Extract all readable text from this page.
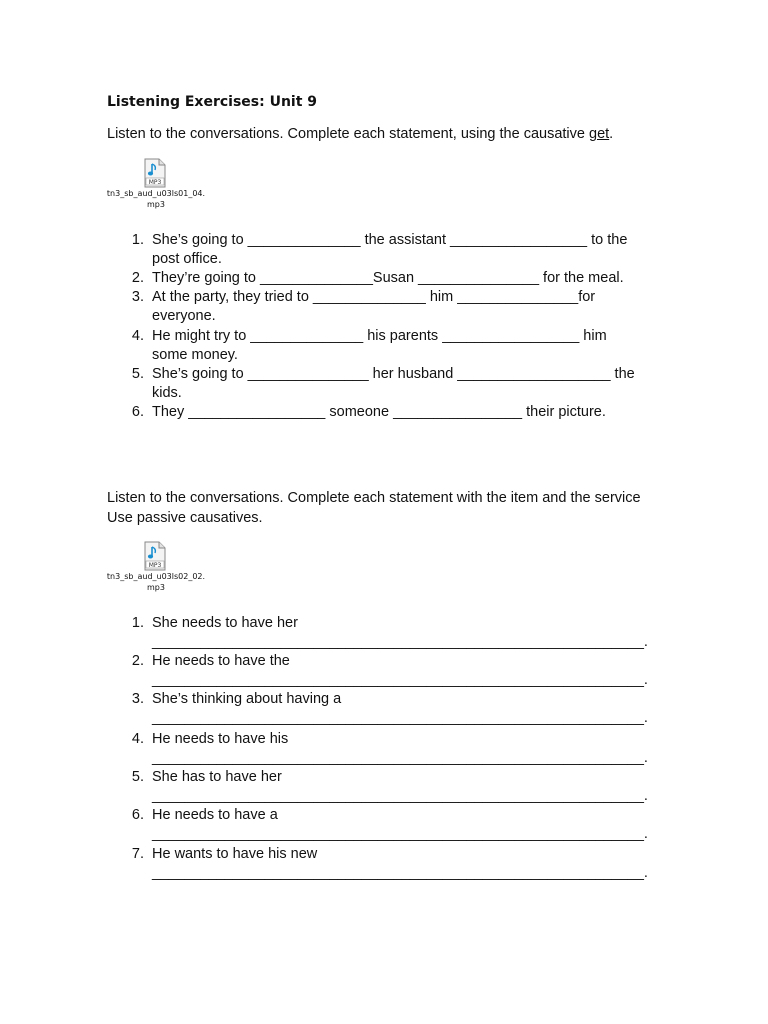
Listening Exercises: Unit 9
Listen to the conversations. Complete each statement, using the causative get.
MP3
tn3_sb_aud_u03ls01_04.mp3
1. She’s going to ______________ the assistant _________________ to the
post office.
2. They’re going to ______________Susan _______________ for the meal.
3. At the party, they tried to ______________ him _______________for
everyone.
4. He might try to ______________ his parents _________________ him
some money.
5. She’s going to _______________ her husband ___________________ the
kids.
6. They _________________ someone ________________ their picture.
Listen to the conversations. Complete each statement with the item and the service
Use passive causatives.
MP3
tn3_sb_aud_u03ls02_02.mp3
1. She needs to have her
_____________________________________________________________.
2. He needs to have the
_____________________________________________________________.
3. She’s thinking about having a
_____________________________________________________________.
4. He needs to have his
_____________________________________________________________.
5. She has to have her
_____________________________________________________________.
6. He needs to have a
_____________________________________________________________.
7. He wants to have his new
_____________________________________________________________.
